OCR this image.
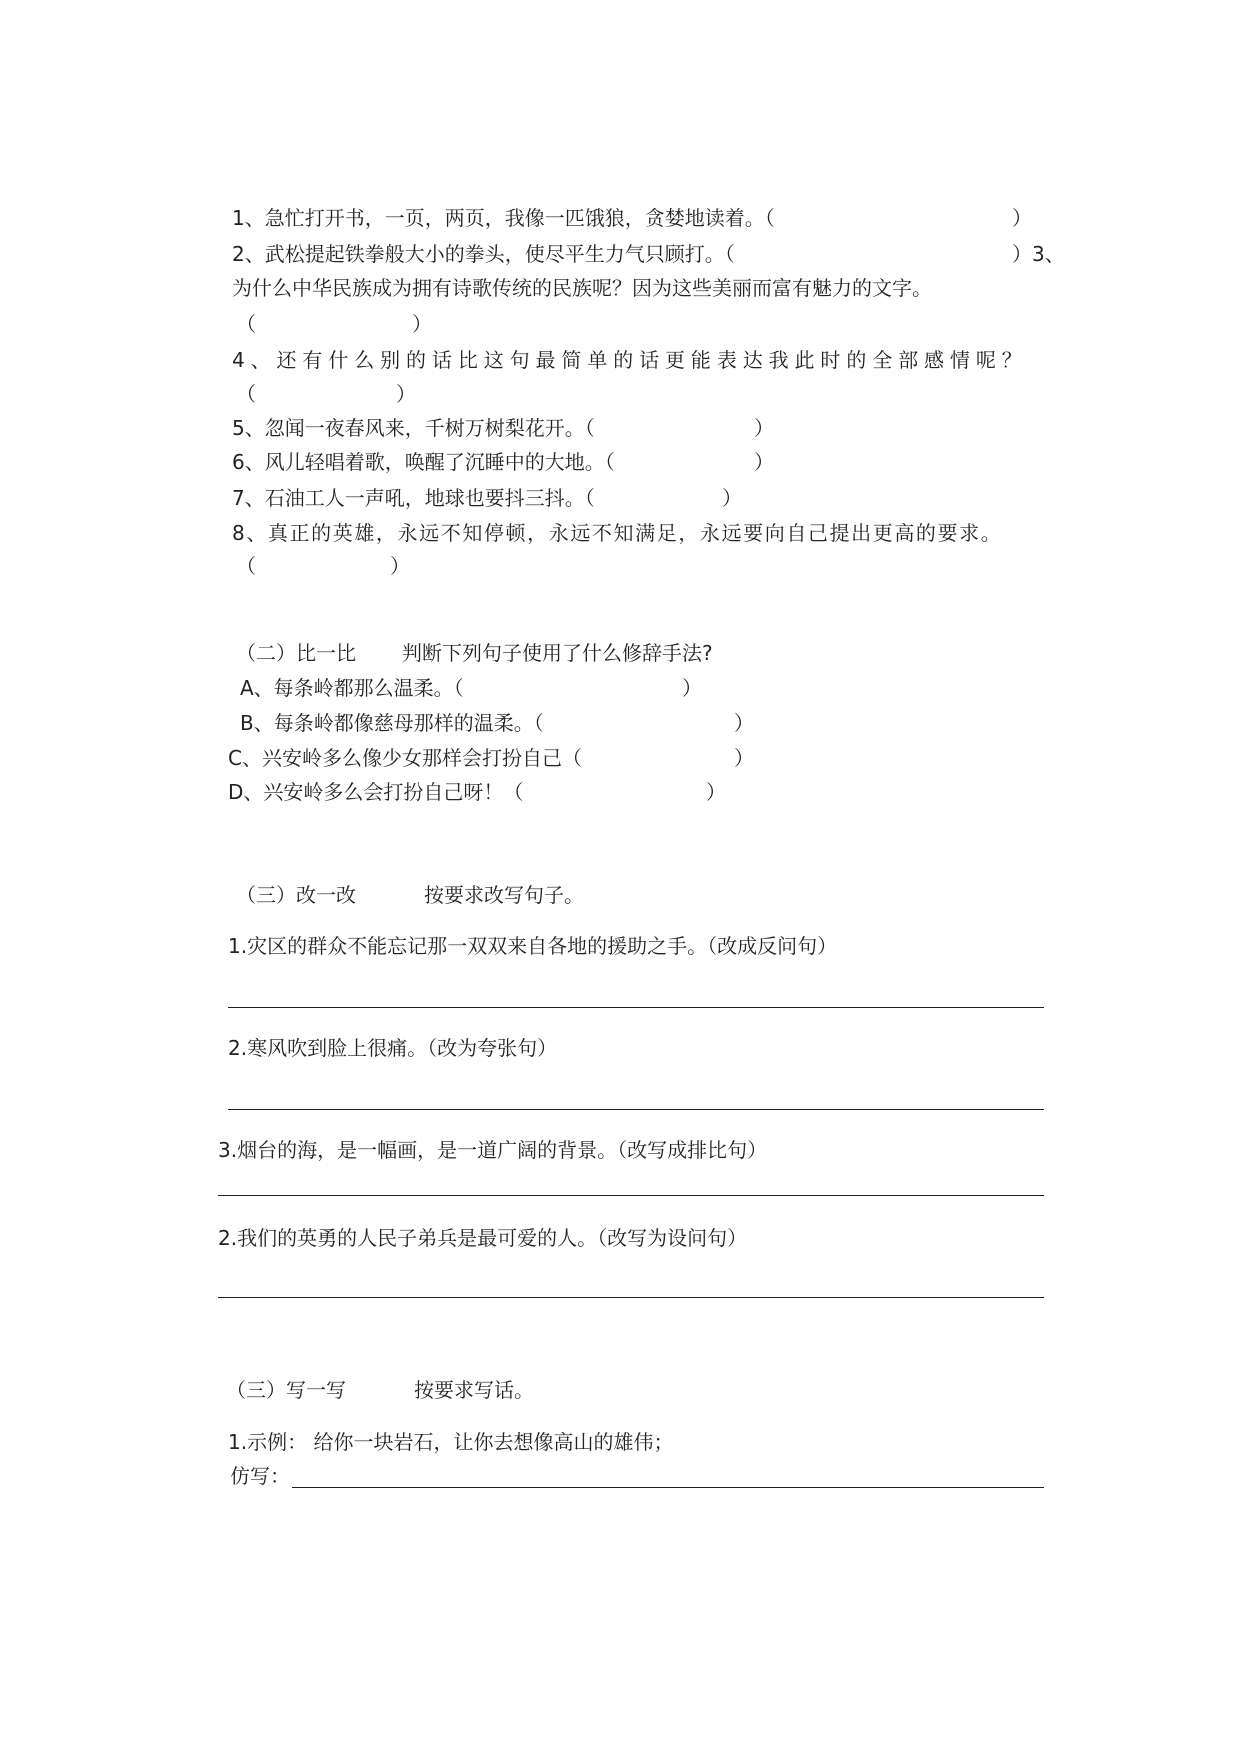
1、急忙打开书，一页，两页，我像一匹饿狼，贪婪地读着。（	）
2、武松提起铁拳般大小的拳头，使尽平生力气只顾打。（	）3、
为什么中华民族成为拥有诗歌传统的民族呢？因为这些美丽而富有魅力的文字。
（	）
4、还有什么别的话比这句最简单的话更能表达我此时的全部感情呢？
（	）
5、忽闻一夜春风来，千树万树梨花开。（	）
6、风儿轻唱着歌，唤醒了沉睡中的大地。（	）
7、石油工人一声吼，地球也要抖三抖。（	）
8、真正的英雄，永远不知停顿，永远不知满足，永远要向自己提出更高的要求。
（	）
（二）比一比 判断下列句子使用了什么修辞手法?
A、每条岭都那么温柔。（	）
B、每条岭都像慈母那样的温柔。（	）
C、兴安岭多么像少女那样会打扮自己（	）
D、兴安岭多么会打扮自己呀！（	）
（三）改一改	按要求改写句子。
1.灾区的群众不能忘记那一双双来自各地的援助之手。（改成反问句）
2.寒风吹到脸上很痛。（改为夸张句）
3.烟台的海，是一幅画，是一道广阔的背景。（改写成排比句）
2.我们的英勇的人民子弟兵是最可爱的人。（改写为设问句）
（三）写一写	按要求写话。
1.示例： 给你一块岩石，让你去想像高山的雄伟；
仿写：
